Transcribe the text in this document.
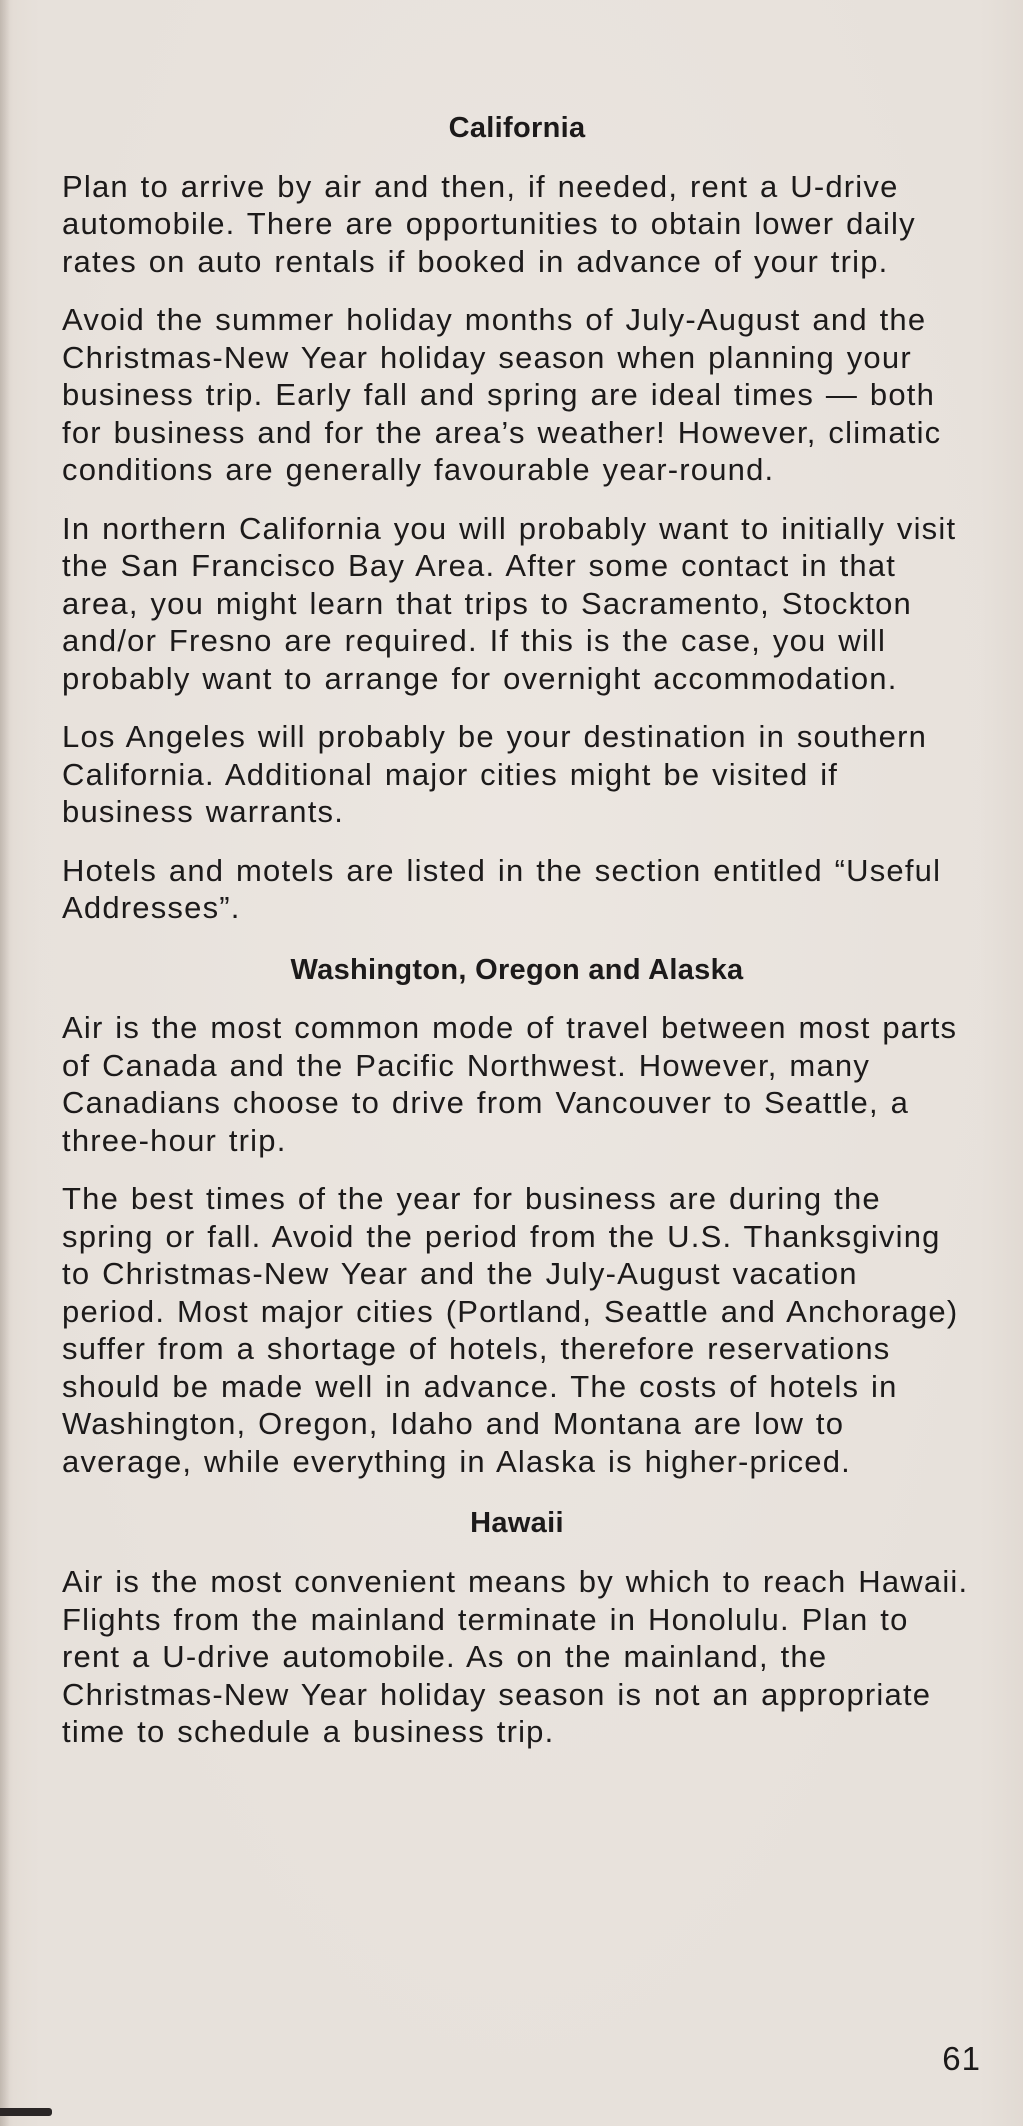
California

Plan to arrive by air and then, if needed, rent a U-drive automobile. There are opportunities to obtain lower daily rates on auto rentals if booked in advance of your trip.

Avoid the summer holiday months of July-August and the Christmas-New Year holiday season when planning your business trip. Early fall and spring are ideal times — both for business and for the area’s weather! However, climatic conditions are generally favourable year-round.

In northern California you will probably want to initially visit the San Francisco Bay Area. After some contact in that area, you might learn that trips to Sacramento, Stockton and/or Fresno are required. If this is the case, you will probably want to arrange for overnight accommodation.

Los Angeles will probably be your destination in southern California. Additional major cities might be visited if business warrants.

Hotels and motels are listed in the section entitled “Useful Addresses”.

Washington, Oregon and Alaska

Air is the most common mode of travel between most parts of Canada and the Pacific Northwest. However, many Canadians choose to drive from Vancouver to Seattle, a three-hour trip.

The best times of the year for business are during the spring or fall. Avoid the period from the U.S. Thanksgiving to Christmas-New Year and the July-August vacation period. Most major cities (Portland, Seattle and Anchorage) suffer from a shortage of hotels, therefore reservations should be made well in advance. The costs of hotels in Washington, Oregon, Idaho and Montana are low to average, while everything in Alaska is higher-priced.

Hawaii

Air is the most convenient means by which to reach Hawaii. Flights from the mainland terminate in Honolulu. Plan to rent a U-drive automobile. As on the mainland, the Christmas-New Year holiday season is not an appropriate time to schedule a business trip.

61
